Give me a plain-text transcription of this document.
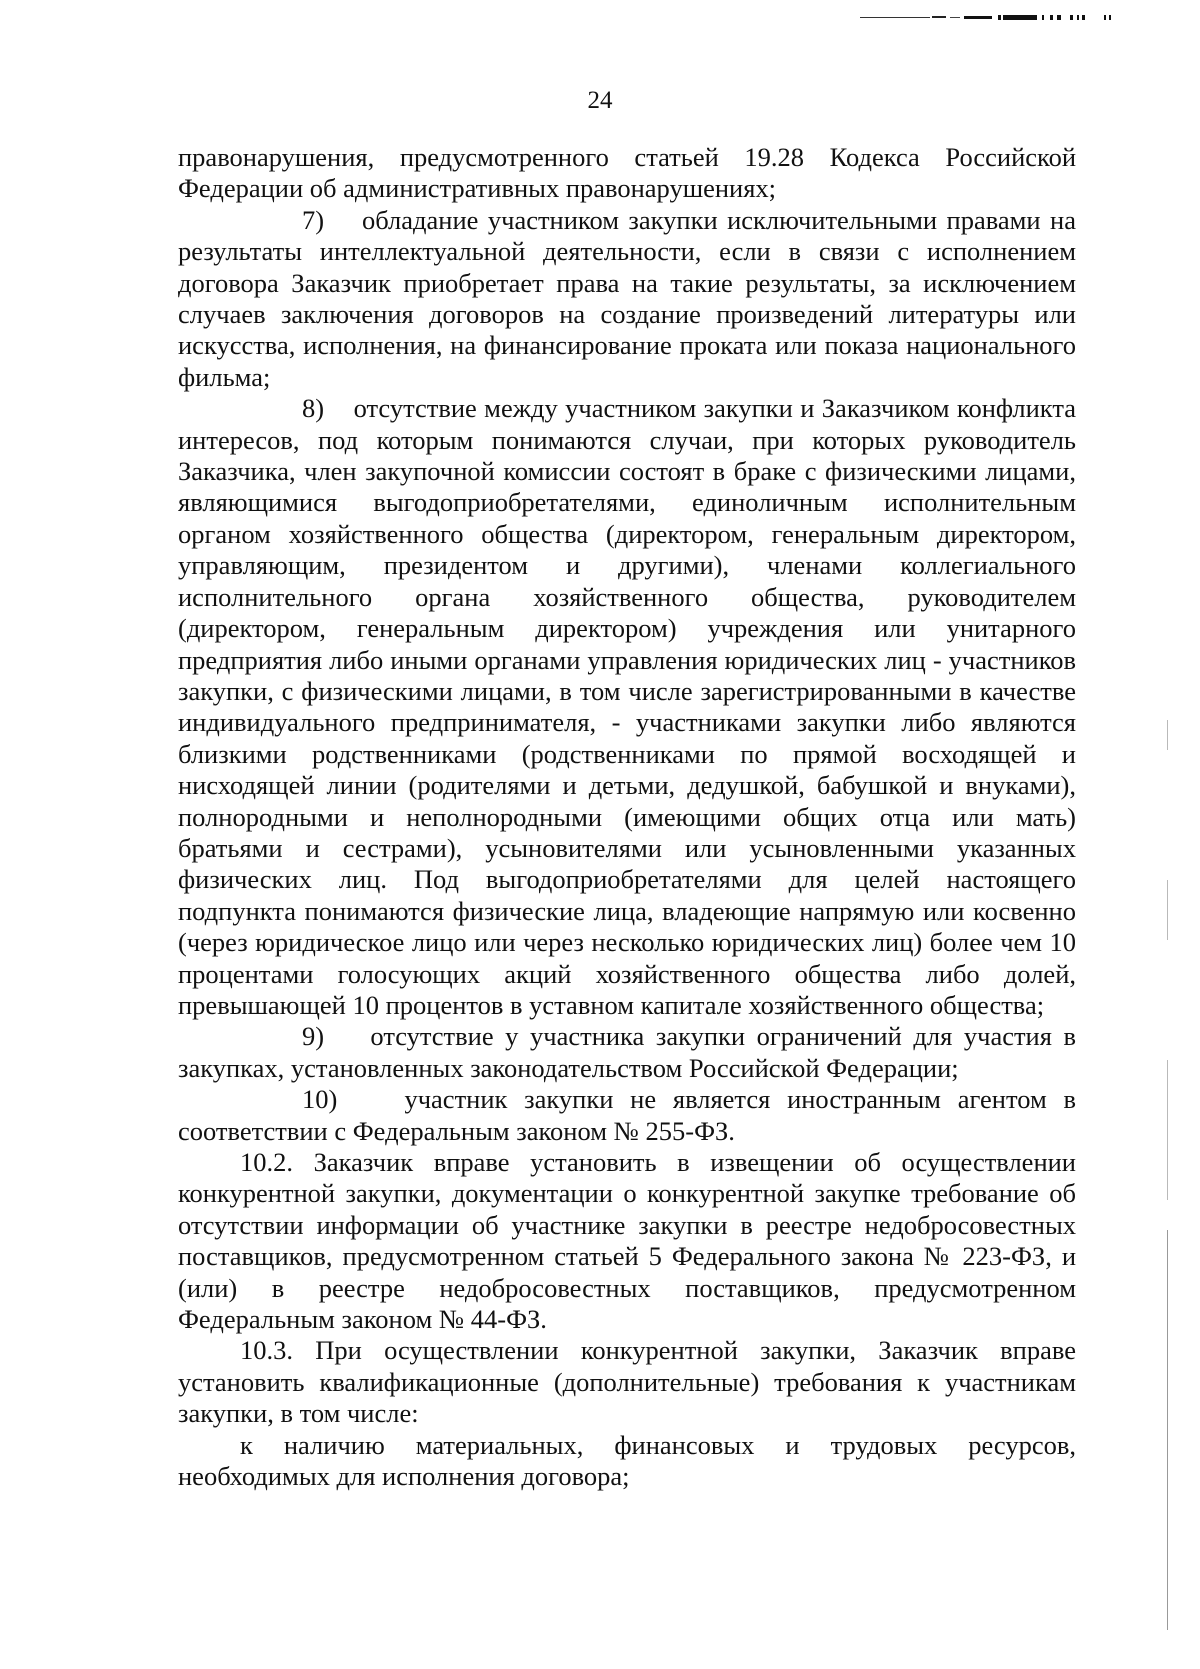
24

правонарушения, предусмотренного статьей 19.28 Кодекса Российской Федерации об административных правонарушениях;

7) обладание участником закупки исключительными правами на результаты интеллектуальной деятельности, если в связи с исполнением договора Заказчик приобретает права на такие результаты, за исключением случаев заключения договоров на создание произведений литературы или искусства, исполнения, на финансирование проката или показа национального фильма;

8) отсутствие между участником закупки и Заказчиком конфликта интересов, под которым понимаются случаи, при которых руководитель Заказчика, член закупочной комиссии состоят в браке с физическими лицами, являющимися выгодоприобретателями, единоличным исполнительным органом хозяйственного общества (директором, генеральным директором, управляющим, президентом и другими), членами коллегиального исполнительного органа хозяйственного общества, руководителем (директором, генеральным директором) учреждения или унитарного предприятия либо иными органами управления юридических лиц - участников закупки, с физическими лицами, в том числе зарегистрированными в качестве индивидуального предпринимателя, - участниками закупки либо являются близкими родственниками (родственниками по прямой восходящей и нисходящей линии (родителями и детьми, дедушкой, бабушкой и внуками), полнородными и неполнородными (имеющими общих отца или мать) братьями и сестрами), усыновителями или усыновленными указанных физических лиц. Под выгодоприобретателями для целей настоящего подпункта понимаются физические лица, владеющие напрямую или косвенно (через юридическое лицо или через несколько юридических лиц) более чем 10 процентами голосующих акций хозяйственного общества либо долей, превышающей 10 процентов в уставном капитале хозяйственного общества;

9) отсутствие у участника закупки ограничений для участия в закупках, установленных законодательством Российской Федерации;

10)	участник закупки не является иностранным агентом в соответствии с Федеральным законом № 255-ФЗ.

10.2. Заказчик вправе установить в извещении об осуществлении конкурентной закупки, документации о конкурентной закупке требование об отсутствии информации об участнике закупки в реестре недобросовестных поставщиков, предусмотренном статьей 5 Федерального закона № 223-ФЗ, и (или) в реестре недобросовестных поставщиков, предусмотренном Федеральным законом № 44-ФЗ.

10.3. При осуществлении конкурентной закупки, Заказчик вправе установить квалификационные (дополнительные) требования к участникам закупки, в том числе:

к наличию материальных, финансовых и трудовых ресурсов, необходимых для исполнения договора;
